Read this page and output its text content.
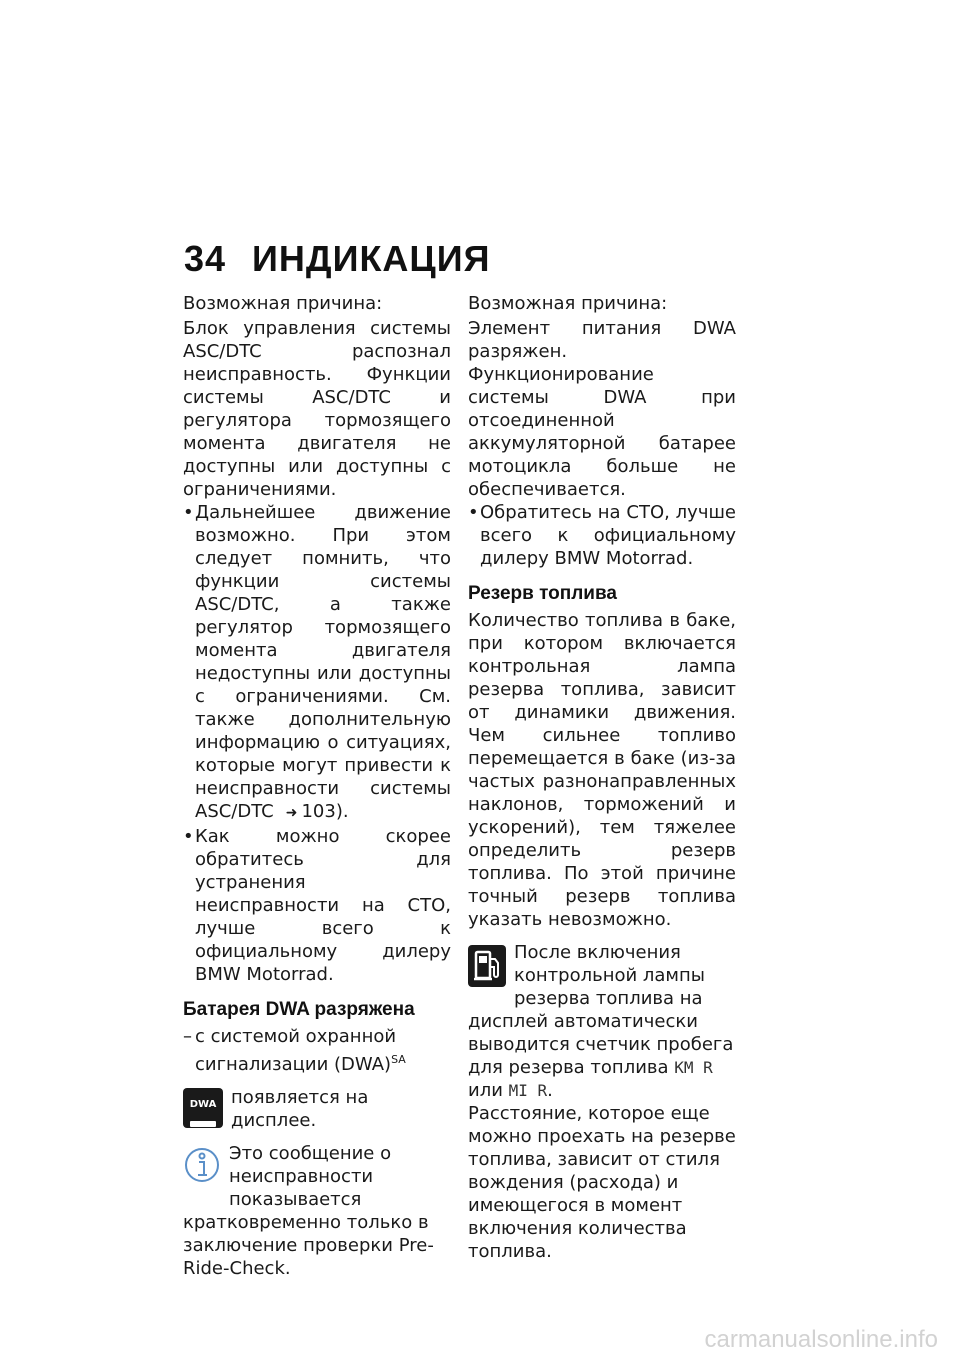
34 ИНДИКАЦИЯ

Возможная причина:

Блок управления системы ASC/DTC распознал неисправность. Функции системы ASC/DTC и регулятора тормозящего момента двигателя не доступны или доступны с ограничениями.

• Дальнейшее движение возможно. При этом следует помнить, что функции системы ASC/DTC, а также регулятор тормозящего момента двигателя недоступны или доступны с ограничениями. См. также дополнительную информацию о ситуациях, которые могут привести к неисправности системы ASC/DTC ➜ 103).

• Как можно скорее обратитесь для устранения неисправности на СТО, лучше всего к официальному дилеру BMW Motorrad.

Батарея DWA разряжена

– с системой охранной сигнализации (DWA)$^{SA}$

DWA появляется на дисплее.
Это сообщение о неисправности показывается кратковременно только в заключение проверки Pre-Ride-Check.

Возможная причина:

Элемент питания DWA разряжен. Функционирование системы DWA при отсоединенной аккумуляторной батарее мотоцикла больше не обеспечивается.

• Обратитесь на СТО, лучше всего к официальному дилеру BMW Motorrad.

Резерв топлива

Количество топлива в баке, при котором включается контрольная лампа резерва топлива, зависит от динамики движения. Чем сильнее топливо перемещается в баке (из-за частых разнонаправленных наклонов, торможений и ускорений), тем тяжелее определить резерв топлива. По этой причине точный резерв топлива указать невозможно.

После включения контрольной лампы резерва топлива на дисплей автоматически выводится счетчик пробега для резерва топлива KM R или MI R.

Расстояние, которое еще можно проехать на резерве топлива, зависит от стиля вождения (расхода) и имеющегося в момент включения количества топлива.

carmanualsonline.info
